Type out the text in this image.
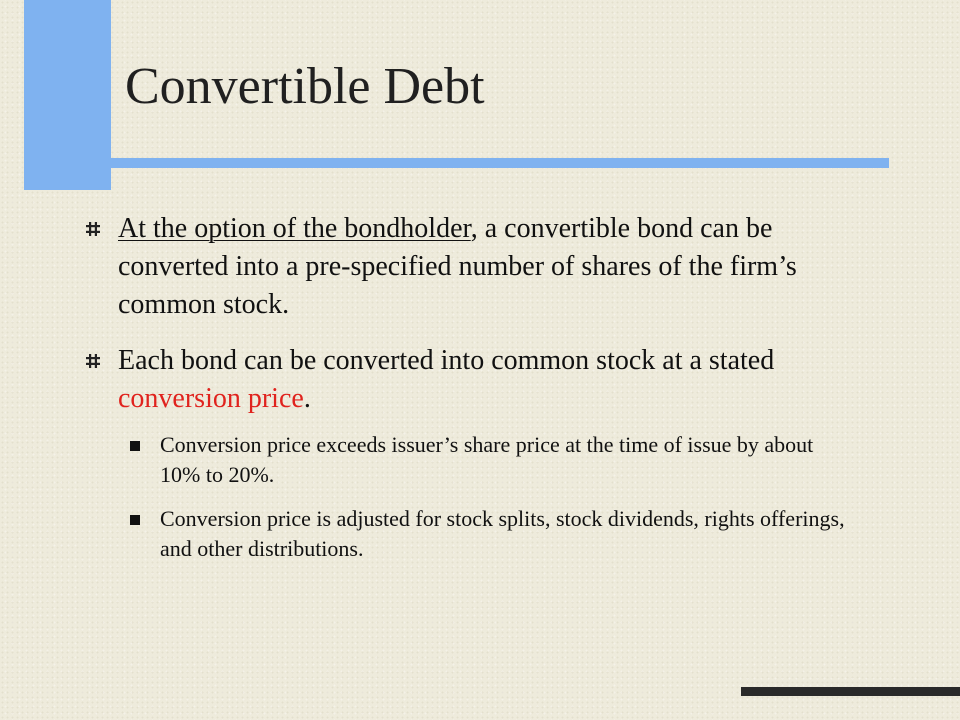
Convertible Debt
At the option of the bondholder, a convertible bond can be converted into a pre-specified number of shares of the firm’s common stock.
Each bond can be converted into common stock at a stated conversion price.
Conversion price exceeds issuer’s share price at the time of issue by about 10% to 20%.
Conversion price is adjusted for stock splits, stock dividends, rights offerings, and other distributions.
